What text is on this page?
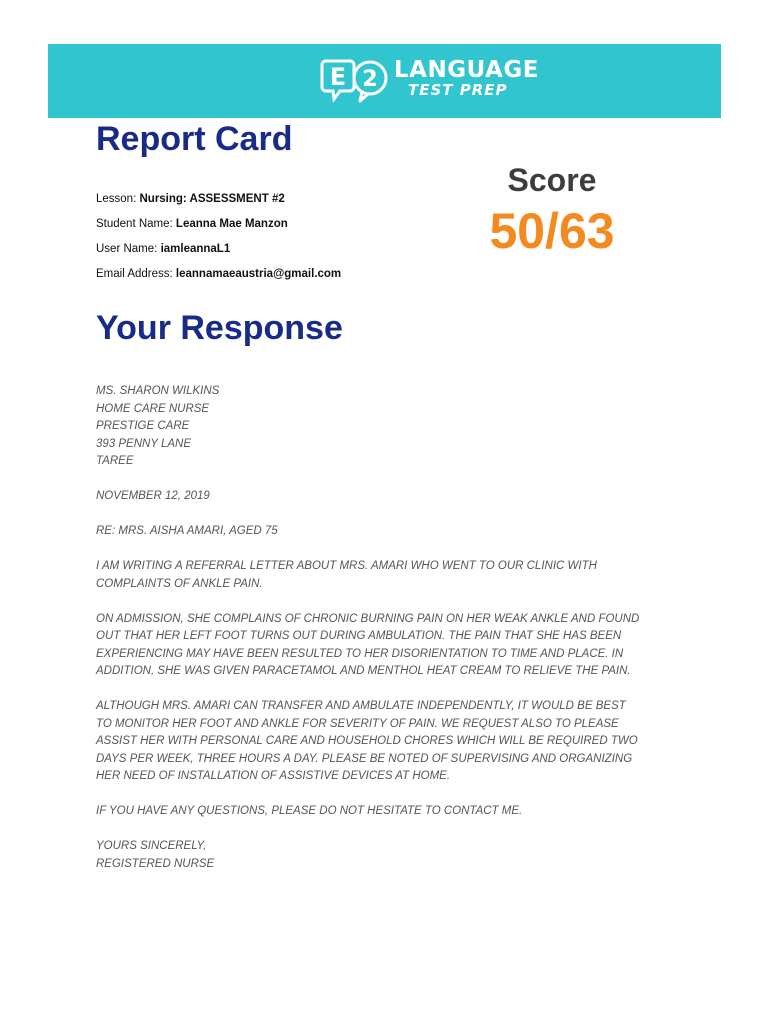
E 2 LANGUAGE
TEST PREP
Report Card
Lesson: Nursing: ASSESSMENT #2
Student Name: Leanna Mae Manzon
User Name: iamleannaL1
Email Address: leannamaeaustria@gmail.com
Score
50/63
Your Response
MS. SHARON WILKINS
HOME CARE NURSE
PRESTIGE CARE
393 PENNY LANE
TAREE
NOVEMBER 12, 2019
RE: MRS. AISHA AMARI, AGED 75
I AM WRITING A REFERRAL LETTER ABOUT MRS. AMARI WHO WENT TO OUR CLINIC WITH
COMPLAINTS OF ANKLE PAIN.
ON ADMISSION, SHE COMPLAINS OF CHRONIC BURNING PAIN ON HER WEAK ANKLE AND FOUND
OUT THAT HER LEFT FOOT TURNS OUT DURING AMBULATION. THE PAIN THAT SHE HAS BEEN
EXPERIENCING MAY HAVE BEEN RESULTED TO HER DISORIENTATION TO TIME AND PLACE. IN
ADDITION, SHE WAS GIVEN PARACETAMOL AND MENTHOL HEAT CREAM TO RELIEVE THE PAIN.
ALTHOUGH MRS. AMARI CAN TRANSFER AND AMBULATE INDEPENDENTLY, IT WOULD BE BEST
TO MONITOR HER FOOT AND ANKLE FOR SEVERITY OF PAIN. WE REQUEST ALSO TO PLEASE
ASSIST HER WITH PERSONAL CARE AND HOUSEHOLD CHORES WHICH WILL BE REQUIRED TWO
DAYS PER WEEK, THREE HOURS A DAY. PLEASE BE NOTED OF SUPERVISING AND ORGANIZING
HER NEED OF INSTALLATION OF ASSISTIVE DEVICES AT HOME.
IF YOU HAVE ANY QUESTIONS, PLEASE DO NOT HESITATE TO CONTACT ME.
YOURS SINCERELY,
REGISTERED NURSE
